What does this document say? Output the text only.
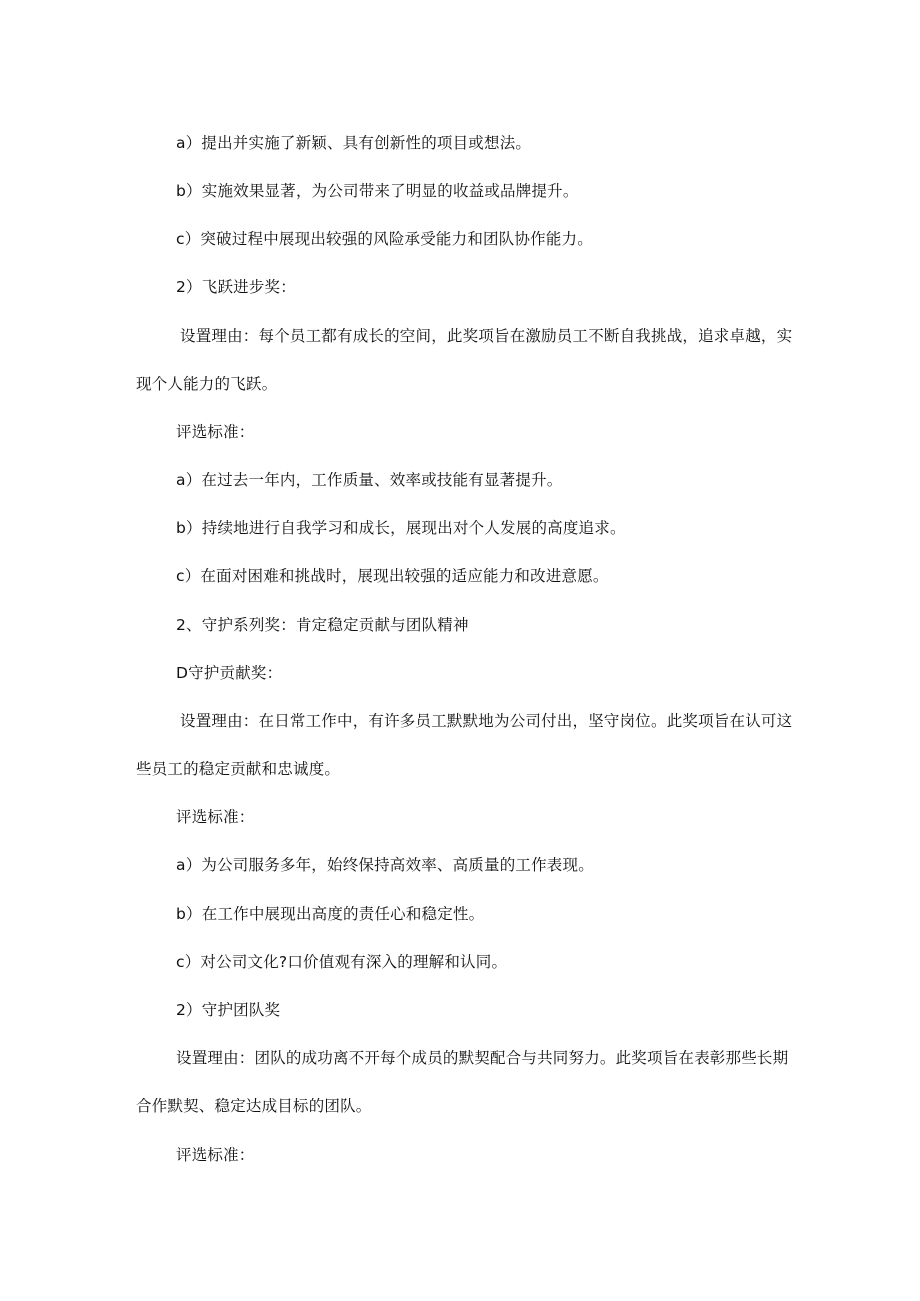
a）提出并实施了新颖、具有创新性的项目或想法。
b）实施效果显著，为公司带来了明显的收益或品牌提升。
c）突破过程中展现出较强的风险承受能力和团队协作能力。
2）飞跃进步奖：
设置理由：每个员工都有成长的空间，此奖项旨在激励员工不断自我挑战，追求卓越，实
现个人能力的飞跃。
评选标准：
a）在过去一年内，工作质量、效率或技能有显著提升。
b）持续地进行自我学习和成长，展现出对个人发展的高度追求。
c）在面对困难和挑战时，展现出较强的适应能力和改进意愿。
2、守护系列奖：肯定稳定贡献与团队精神
D守护贡献奖：
设置理由：在日常工作中，有许多员工默默地为公司付出，坚守岗位。此奖项旨在认可这
些员工的稳定贡献和忠诚度。
评选标准：
a）为公司服务多年，始终保持高效率、高质量的工作表现。
b）在工作中展现出高度的责任心和稳定性。
c）对公司文化?口价值观有深入的理解和认同。
2）守护团队奖
设置理由：团队的成功离不开每个成员的默契配合与共同努力。此奖项旨在表彰那些长期
合作默契、稳定达成目标的团队。
评选标准：
